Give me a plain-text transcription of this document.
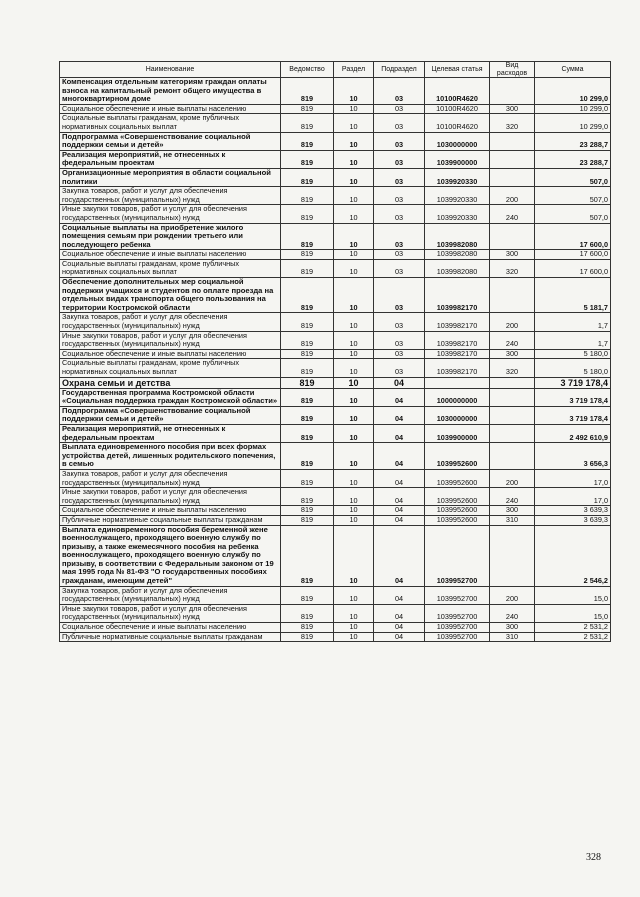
Наименование	Ведомство	Раздел	Подраздел	Целевая статья	Вид расходов	Сумма
Компенсация отдельным категориям граждан оплаты взноса на капитальный ремонт общего имущества в многоквартирном доме	819	10	03	10100R4620		10 299,0
Социальное обеспечение и иные выплаты населению	819	10	03	10100R4620	300	10 299,0
Социальные выплаты гражданам, кроме публичных нормативных социальных выплат	819	10	03	10100R4620	320	10 299,0
Подпрограмма «Совершенствование социальной поддержки семьи и детей»	819	10	03	1030000000		23 288,7
Реализация мероприятий, не отнесенных к федеральным проектам	819	10	03	1039900000		23 288,7
Организационные мероприятия в области социальной политики	819	10	03	1039920330		507,0
Закупка товаров, работ и услуг для обеспечения государственных (муниципальных) нужд	819	10	03	1039920330	200	507,0
Иные закупки товаров, работ и услуг для обеспечения государственных (муниципальных) нужд	819	10	03	1039920330	240	507,0
Социальные выплаты на приобретение жилого помещения семьям при рождении третьего или последующего ребенка	819	10	03	1039982080		17 600,0
Социальное обеспечение и иные выплаты населению	819	10	03	1039982080	300	17 600,0
Социальные выплаты гражданам, кроме публичных нормативных социальных выплат	819	10	03	1039982080	320	17 600,0
Обеспечение дополнительных мер социальной поддержки учащихся и студентов по оплате проезда на отдельных видах транспорта общего пользования на территории Костромской области	819	10	03	1039982170		5 181,7
Закупка товаров, работ и услуг для обеспечения государственных (муниципальных) нужд	819	10	03	1039982170	200	1,7
Иные закупки товаров, работ и услуг для обеспечения государственных (муниципальных) нужд	819	10	03	1039982170	240	1,7
Социальное обеспечение и иные выплаты населению	819	10	03	1039982170	300	5 180,0
Социальные выплаты гражданам, кроме публичных нормативных социальных выплат	819	10	03	1039982170	320	5 180,0
Охрана семьи и детства	819	10	04			3 719 178,4
Государственная программа Костромской области «Социальная поддержка граждан Костромской области»	819	10	04	1000000000		3 719 178,4
Подпрограмма «Совершенствование социальной поддержки семьи и детей»	819	10	04	1030000000		3 719 178,4
Реализация мероприятий, не отнесенных к федеральным проектам	819	10	04	1039900000		2 492 610,9
Выплата единовременного пособия при всех формах устройства детей, лишенных родительского попечения, в семью	819	10	04	1039952600		3 656,3
Закупка товаров, работ и услуг для обеспечения государственных (муниципальных) нужд	819	10	04	1039952600	200	17,0
Иные закупки товаров, работ и услуг для обеспечения государственных (муниципальных) нужд	819	10	04	1039952600	240	17,0
Социальное обеспечение и иные выплаты населению	819	10	04	1039952600	300	3 639,3
Публичные нормативные социальные выплаты гражданам	819	10	04	1039952600	310	3 639,3
Выплата единовременного пособия беременной жене военнослужащего, проходящего военную службу по призыву, а также ежемесячного пособия на ребенка военнослужащего, проходящего военную службу по призыву, в соответствии с Федеральным законом от 19 мая 1995 года № 81-ФЗ "О государственных пособиях гражданам, имеющим детей"	819	10	04	1039952700		2 546,2
Закупка товаров, работ и услуг для обеспечения государственных (муниципальных) нужд	819	10	04	1039952700	200	15,0
Иные закупки товаров, работ и услуг для обеспечения государственных (муниципальных) нужд	819	10	04	1039952700	240	15,0
Социальное обеспечение и иные выплаты населению	819	10	04	1039952700	300	2 531,2
Публичные нормативные социальные выплаты гражданам	819	10	04	1039952700	310	2 531,2
328
